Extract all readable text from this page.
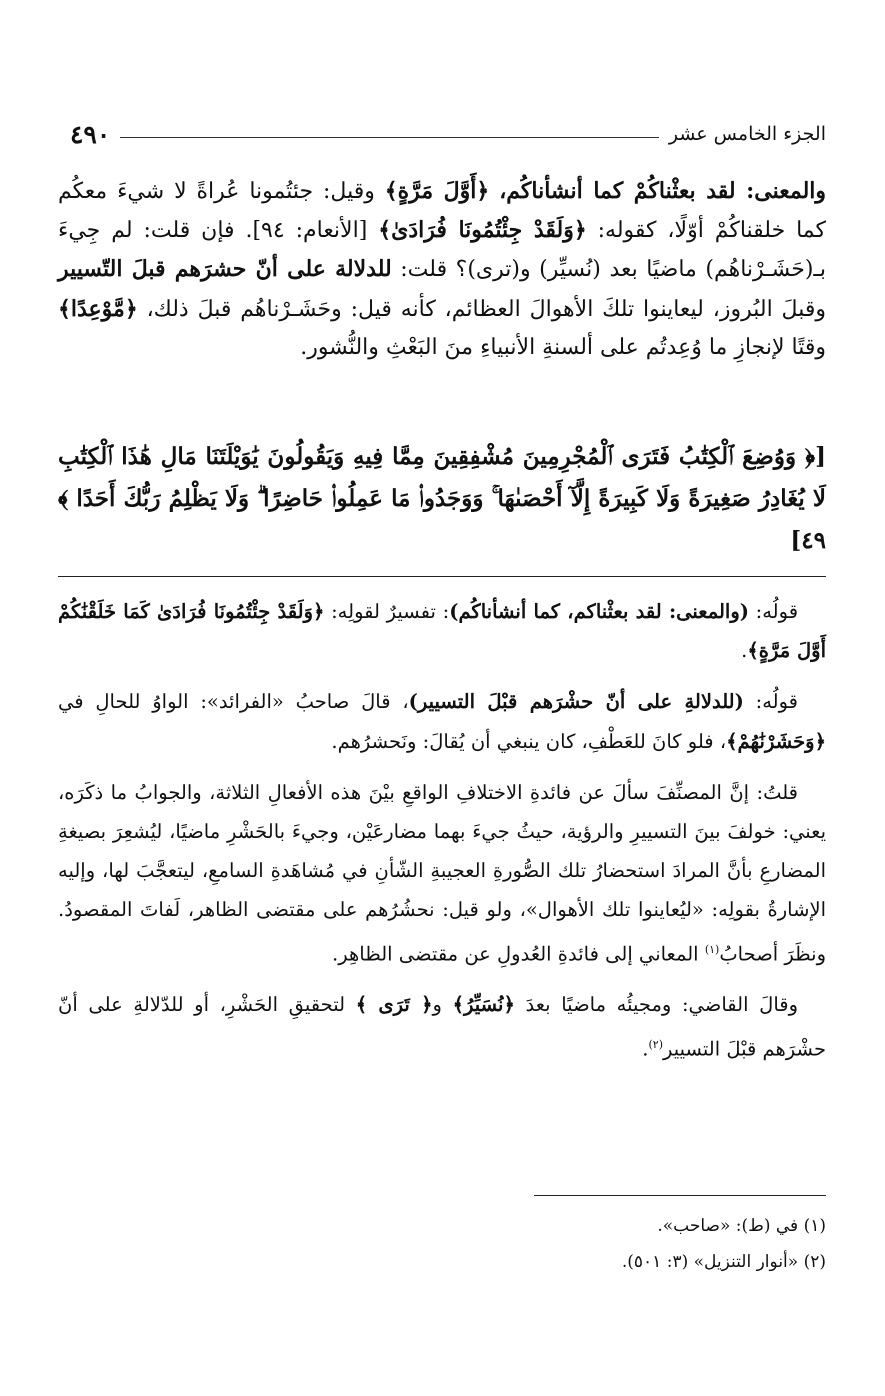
الجزء الخامس عشر
٤٩٠

والمعنى: لقد بعثْناكُمْ كما أنشأناكُم، ﴿أَوَّلَ مَرَّةٍ﴾ وقيل: جئتُمونا عُراةً لا شيءَ معكُم كما خلقناكُمْ أوّلًا، كقوله: ﴿وَلَقَدْ جِئْتُمُونَا فُرَادَىٰ﴾ [الأنعام: ٩٤]. فإن قلت: لم جِيءَ بـ(حَشَـرْناهُم) ماضيًا بعد (نُسيِّر) و(ترى)؟ قلت: للدلالة على أنّ حشرَهم قبلَ التّسيير وقبلَ البُروز، ليعاينوا تلكَ الأهوالَ العظائم، كأنه قيل: وحَشَـرْناهُم قبلَ ذلك، ﴿مَّوْعِدًا﴾ وقتًا لإنجازِ ما وُعِدتُم على ألسنةِ الأنبياءِ منَ البَعْثِ والنُّشور.

[﴿ وَوُضِعَ ٱلْكِتَٰبُ فَتَرَى ٱلْمُجْرِمِينَ مُشْفِقِينَ مِمَّا فِيهِ وَيَقُولُونَ يَٰوَيْلَتَنَا مَالِ هَٰذَا ٱلْكِتَٰبِ لَا يُغَادِرُ صَغِيرَةً وَلَا كَبِيرَةً إِلَّآ أَحْصَىٰهَا ۚ وَوَجَدُوا۟ مَا عَمِلُوا۟ حَاضِرًا ۗ وَلَا يَظْلِمُ رَبُّكَ أَحَدًا ﴾ ٤٩]

قولُه: (والمعنى: لقد بعثْناكم، كما أنشأناكُم): تفسيرٌ لقولِه: ﴿وَلَقَدْ جِئْتُمُونَا فُرَادَىٰ كَمَا خَلَقْنَٰكُمْ أَوَّلَ مَرَّةٍ﴾.

قولُه: (للدلالةِ على أنّ حشْرَهم قبْلَ التسيير)، قالَ صاحبُ «الفرائد»: الواوُ للحالِ في ﴿وَحَشَرْنَٰهُمْ﴾، فلو كانَ للعَطْفِ، كان ينبغي أن يُقالَ: ونَحشرُهم.

قلتُ: إنَّ المصنِّفَ سألَ عن فائدةِ الاختلافِ الواقعِ بيْنَ هذه الأفعالِ الثلاثة، والجوابُ ما ذكَرَه، يعني: خولفَ بينَ التسييرِ والرؤية، حيثُ جيءَ بهما مضارعَيْن، وجيءَ بالحَشْرِ ماضيًا، ليُشعِرَ بصيغةِ المضارعِ بأنَّ المرادَ استحضارُ تلك الصُّورةِ العجيبةِ الشّأنِ في مُشاهَدةِ السامعِ، ليتعجَّبَ لها، وإليه الإشارةُ بقولِه: «ليُعاينوا تلك الأهوال»، ولو قيل: نحشُرُهم على مقتضى الظاهر، لَفاتَ المقصودُ. ونظَرَ أصحابُ$^{(١)}$ المعاني إلى فائدةِ العُدولِ عن مقتضى الظاهِر.

وقالَ القاضي: ومجيئُه ماضيًا بعدَ ﴿نُسَيِّرُ﴾ و﴿ تَرَى ﴾ لتحقيقِ الحَشْرِ، أو للدّلالةِ على أنّ حشْرَهم قبْلَ التسيير$^{(٢)}$.

(١) في (ط): «صاحب».
(٢) «أنوار التنزيل» (٣: ٥٠١).
